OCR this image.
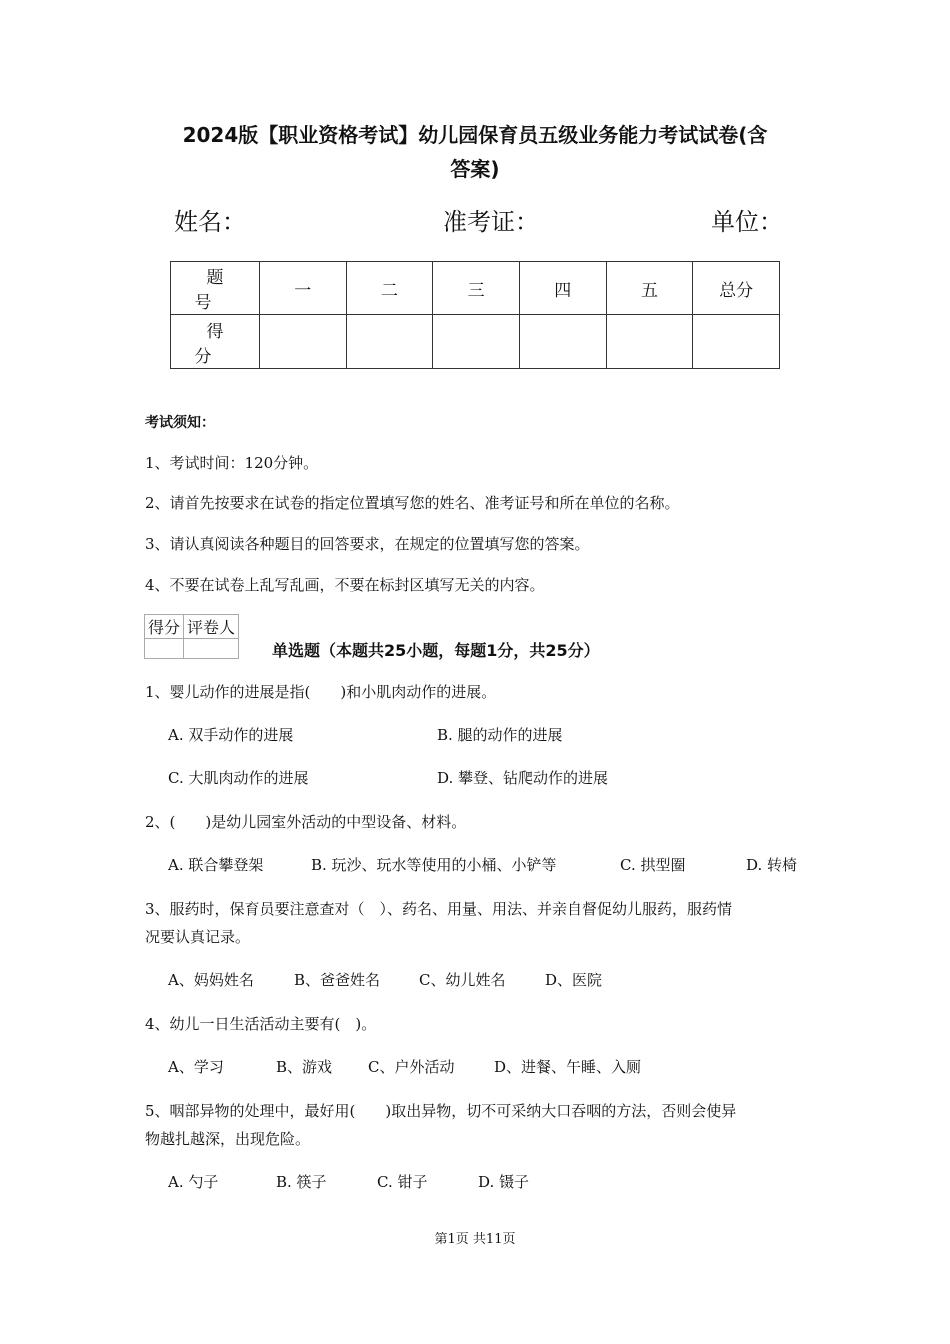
2024版【职业资格考试】幼儿园保育员五级业务能力考试试卷(含
答案)
姓名：	准考证：	单位：
题号	一	二	三	四	五	总分
得分						
考试须知：
1、考试时间：120分钟。
2、请首先按要求在试卷的指定位置填写您的姓名、准考证号和所在单位的名称。
3、请认真阅读各种题目的回答要求，在规定的位置填写您的答案。
4、不要在试卷上乱写乱画，不要在标封区填写无关的内容。
得分	评卷人

单选题（本题共25小题，每题1分，共25分）
1、婴儿动作的进展是指(　　)和小肌肉动作的进展。
A. 双手动作的进展	B. 腿的动作的进展
C. 大肌肉动作的进展	D. 攀登、钻爬动作的进展
2、(　　)是幼儿园室外活动的中型设备、材料。
A. 联合攀登架	B. 玩沙、玩水等使用的小桶、小铲等	C. 拱型圈	D. 转椅
3、服药时，保育员要注意查对（　）、药名、用量、用法、并亲自督促幼儿服药，服药情
况要认真记录。
A、妈妈姓名	B、爸爸姓名	C、幼儿姓名	D、医院
4、幼儿一日生活活动主要有(　)。
A、学习	B、游戏 C、户外活动	D、进餐、午睡、入厕
5、咽部异物的处理中，最好用(　　)取出异物，切不可采纳大口吞咽的方法，否则会使异
物越扎越深，出现危险。
A. 勺子	B. 筷子	C. 钳子	D. 镊子
第1页 共11页
